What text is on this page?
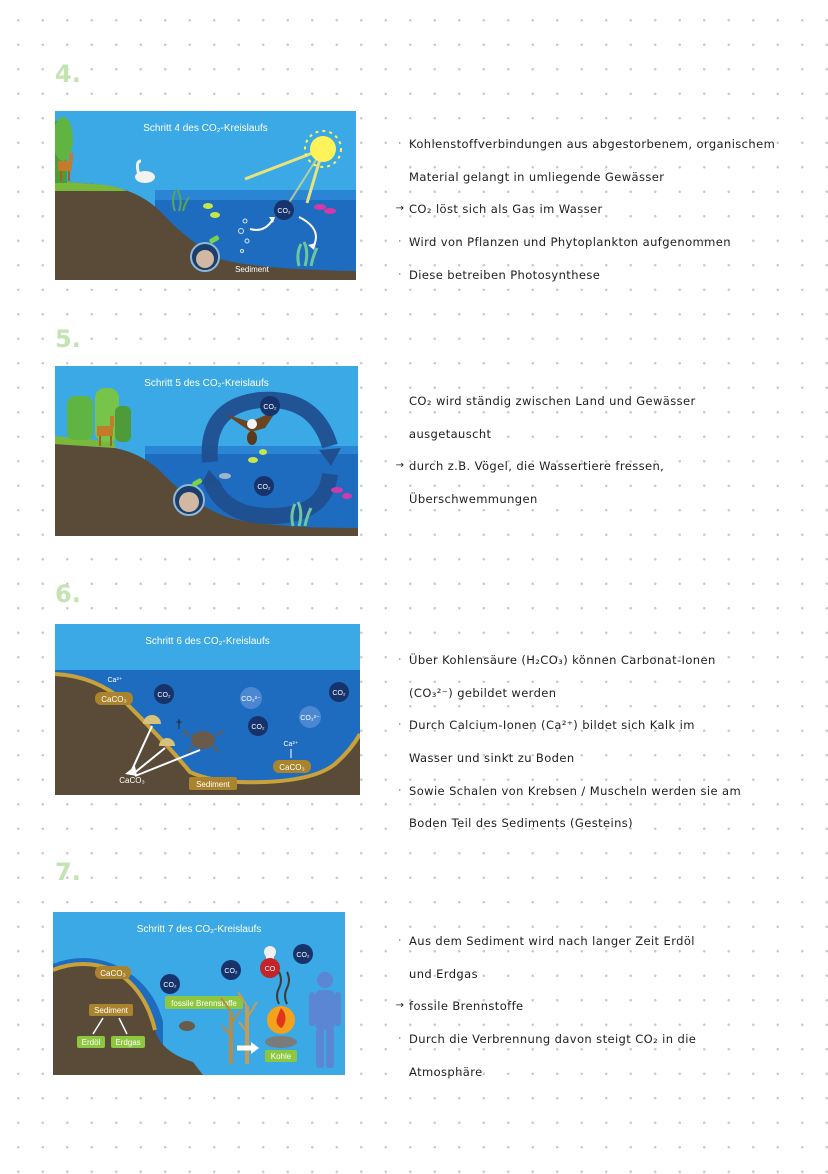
4.
CO₂
Sediment
Schritt 4 des CO₂-Kreislaufs
· Kohlenstoffverbindungen aus abgestorbenem, organischem
Material gelangt in umliegende Gewässer
→ CO₂ löst sich als Gas im Wasser
· Wird von Pflanzen und Phytoplankton aufgenommen
· Diese betreiben Photosynthese
5.
CO₂
CO₂
Schritt 5 des CO₂-Kreislaufs
CO₂ wird ständig zwischen Land und Gewässer
ausgetauscht
→ durch z.B. Vögel, die Wassertiere fressen,
Überschwemmungen
6.
Ca²⁺
CaCO₃	CO₂
CO₃²⁻
CO₂
CO₂
CO₃²⁻
Ca²⁺
CaCO₃
†
CaCO₃	Sediment
Schritt 6 des CO₂-Kreislaufs
· Über Kohlensäure (H₂CO₃) können Carbonat-Ionen
(CO₃²⁻) gebildet werden
· Durch Calcium-Ionen (Ca²⁺) bildet sich Kalk im
Wasser und sinkt zu Boden
· Sowie Schalen von Krebsen / Muscheln werden sie am
Boden Teil des Sediments (Gesteins)
7.
CaCO₃
CO₂
CO₂
CO₂
CO
fossile Brennstoffe
Kohle
Sediment
Erdöl Erdgas
Schritt 7 des CO₂-Kreislaufs
· Aus dem Sediment wird nach langer Zeit Erdöl
und Erdgas
→ fossile Brennstoffe
· Durch die Verbrennung davon steigt CO₂ in die
Atmosphäre
